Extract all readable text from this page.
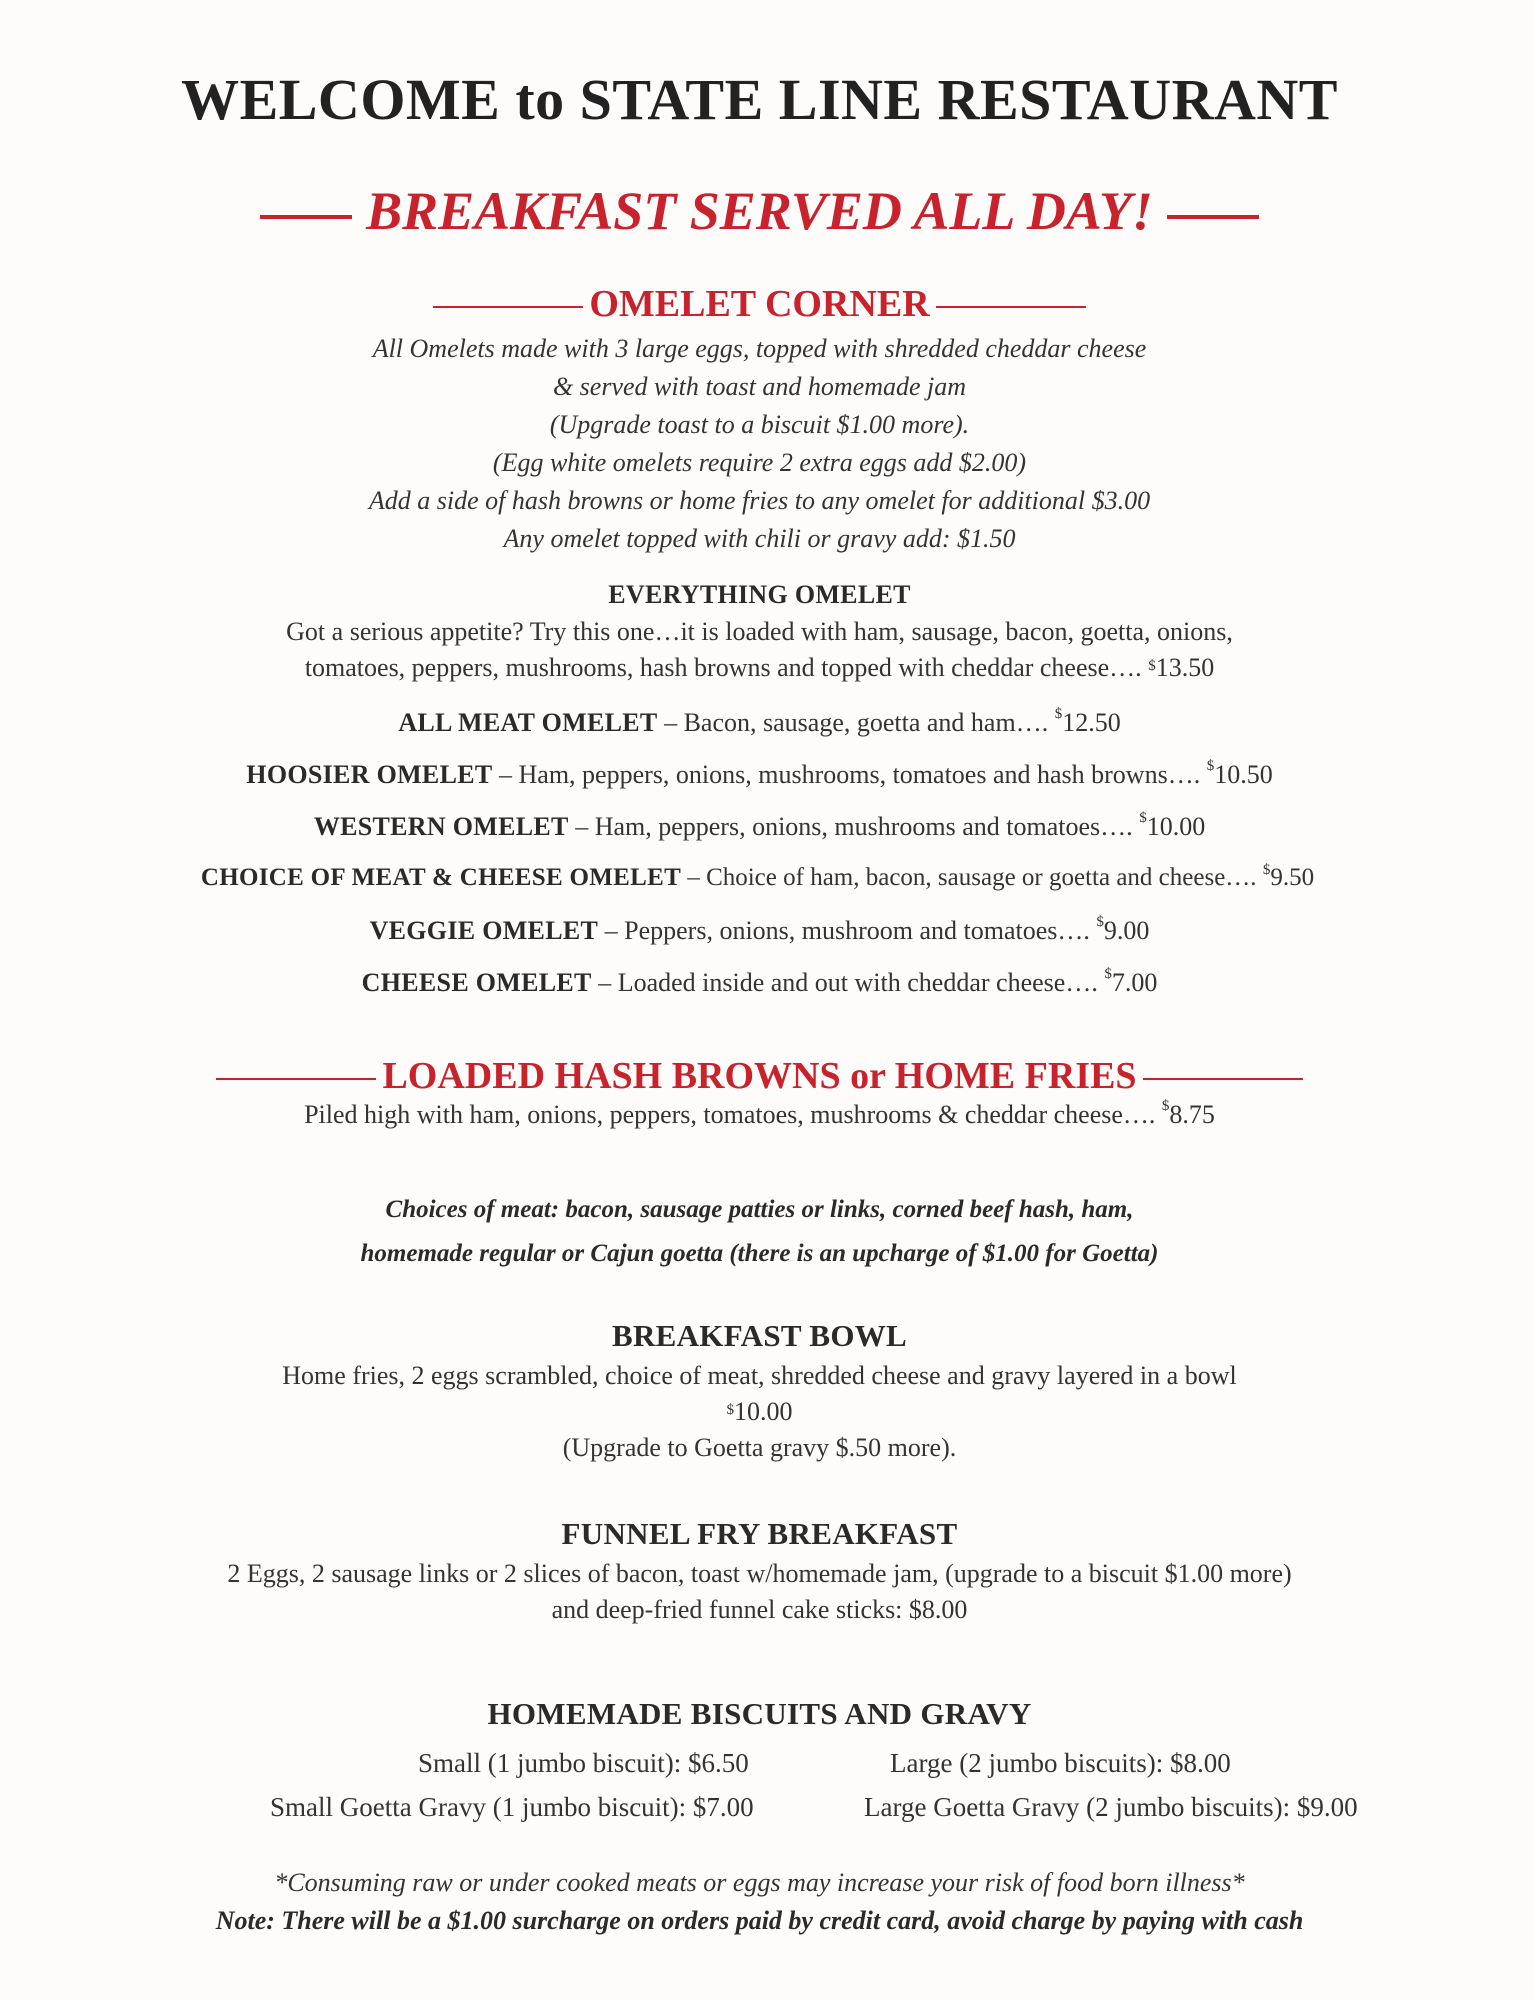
WELCOME to STATE LINE RESTAURANT
BREAKFAST SERVED ALL DAY!
OMELET CORNER
All Omelets made with 3 large eggs, topped with shredded cheddar cheese
& served with toast and homemade jam
(Upgrade toast to a biscuit $1.00 more).
(Egg white omelets require 2 extra eggs add $2.00)
Add a side of hash browns or home fries to any omelet for additional $3.00
Any omelet topped with chili or gravy add: $1.50
EVERYTHING OMELET
Got a serious appetite? Try this one…it is loaded with ham, sausage, bacon, goetta, onions,
tomatoes, peppers, mushrooms, hash browns and topped with cheddar cheese…. $13.50
ALL MEAT OMELET – Bacon, sausage, goetta and ham…. $12.50
HOOSIER OMELET – Ham, peppers, onions, mushrooms, tomatoes and hash browns…. $10.50
WESTERN OMELET – Ham, peppers, onions, mushrooms and tomatoes…. $10.00
CHOICE OF MEAT & CHEESE OMELET – Choice of ham, bacon, sausage or goetta and cheese…. $9.50
VEGGIE OMELET – Peppers, onions, mushroom and tomatoes…. $9.00
CHEESE OMELET – Loaded inside and out with cheddar cheese…. $7.00
LOADED HASH BROWNS or HOME FRIES
Piled high with ham, onions, peppers, tomatoes, mushrooms & cheddar cheese…. $8.75
Choices of meat: bacon, sausage patties or links, corned beef hash, ham,
homemade regular or Cajun goetta (there is an upcharge of $1.00 for Goetta)
BREAKFAST BOWL
Home fries, 2 eggs scrambled, choice of meat, shredded cheese and gravy layered in a bowl
$10.00
(Upgrade to Goetta gravy $.50 more).
FUNNEL FRY BREAKFAST
2 Eggs, 2 sausage links or 2 slices of bacon, toast w/homemade jam, (upgrade to a biscuit $1.00 more)
and deep-fried funnel cake sticks: $8.00
HOMEMADE BISCUITS AND GRAVY
Small (1 jumbo biscuit): $6.50	Large (2 jumbo biscuits): $8.00
Small Goetta Gravy (1 jumbo biscuit): $7.00	Large Goetta Gravy (2 jumbo biscuits): $9.00
*Consuming raw or under cooked meats or eggs may increase your risk of food born illness*
Note: There will be a $1.00 surcharge on orders paid by credit card, avoid charge by paying with cash
